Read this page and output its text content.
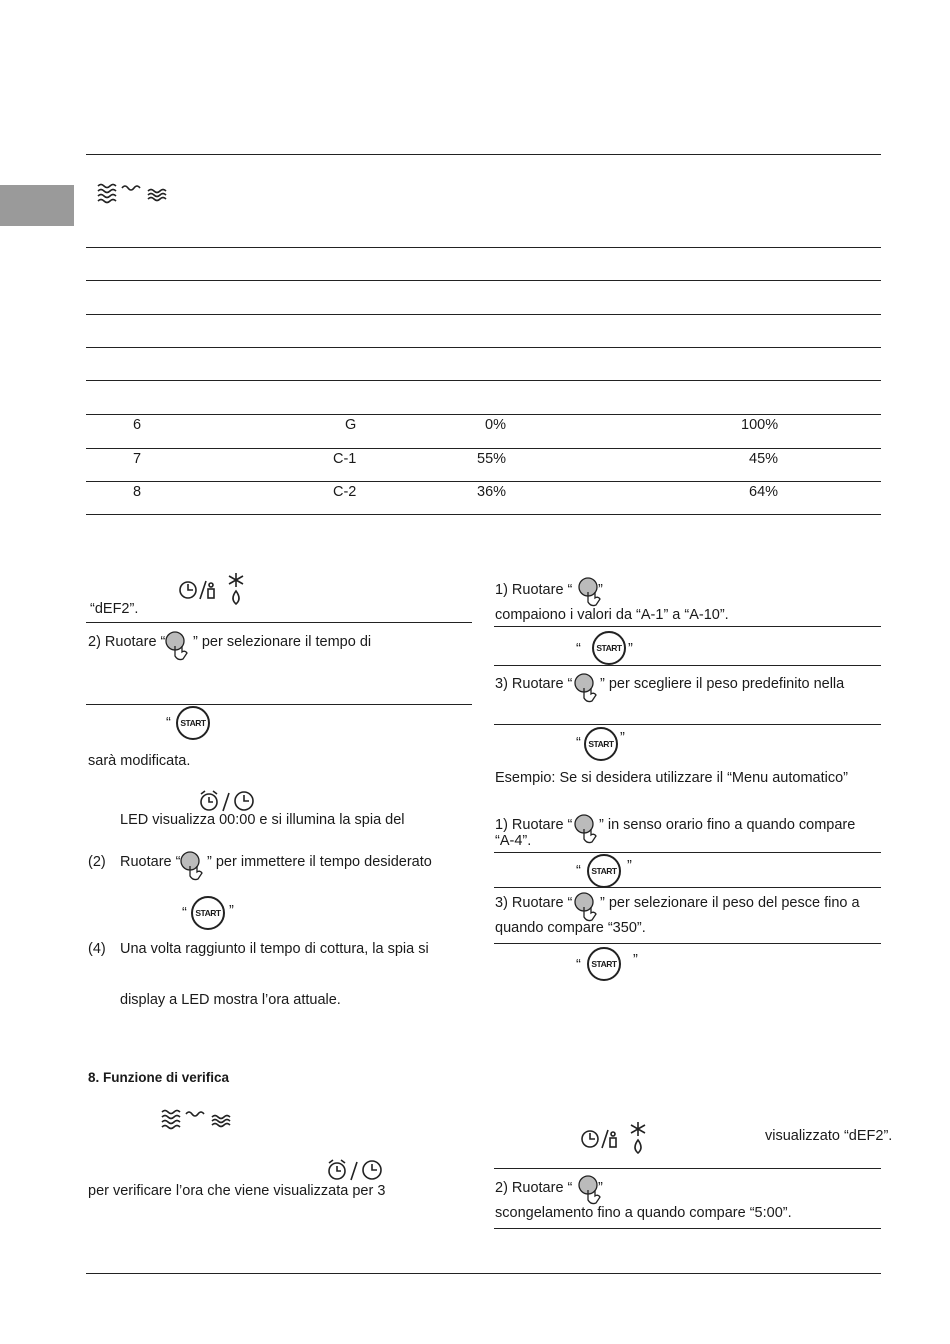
6	G	0%	100%
7	C-1	55%	45%
8	C-2	36%	64%
“dEF2”.
2) Ruotare “ ” per selezionare il tempo di
“	START
sarà modificata.
LED visualizza 00:00 e si illumina la spia del
(2) Ruotare “ ” per immettere il tempo desiderato
“	START ”
(4) Una volta raggiunto il tempo di cottura, la spia si
display a LED mostra l’ora attuale.
8. Funzione di verifica
per verificare l’ora che viene visualizzata per 3
1) Ruotare “ ”
compaiono i valori da “A-1” a “A-10”.
“	START ”
3) Ruotare “ ” per scegliere il peso predefinito nella
“ START ”
Esempio: Se si desidera utilizzare il “Menu automatico”
1) Ruotare “ ” in senso orario fino a quando compare
“A-4”.
“	START ”
3) Ruotare “ ” per selezionare il peso del pesce fino a
quando compare “350”.
“	START	”
visualizzato “dEF2”.
2) Ruotare “ ”
scongelamento fino a quando compare “5:00”.
